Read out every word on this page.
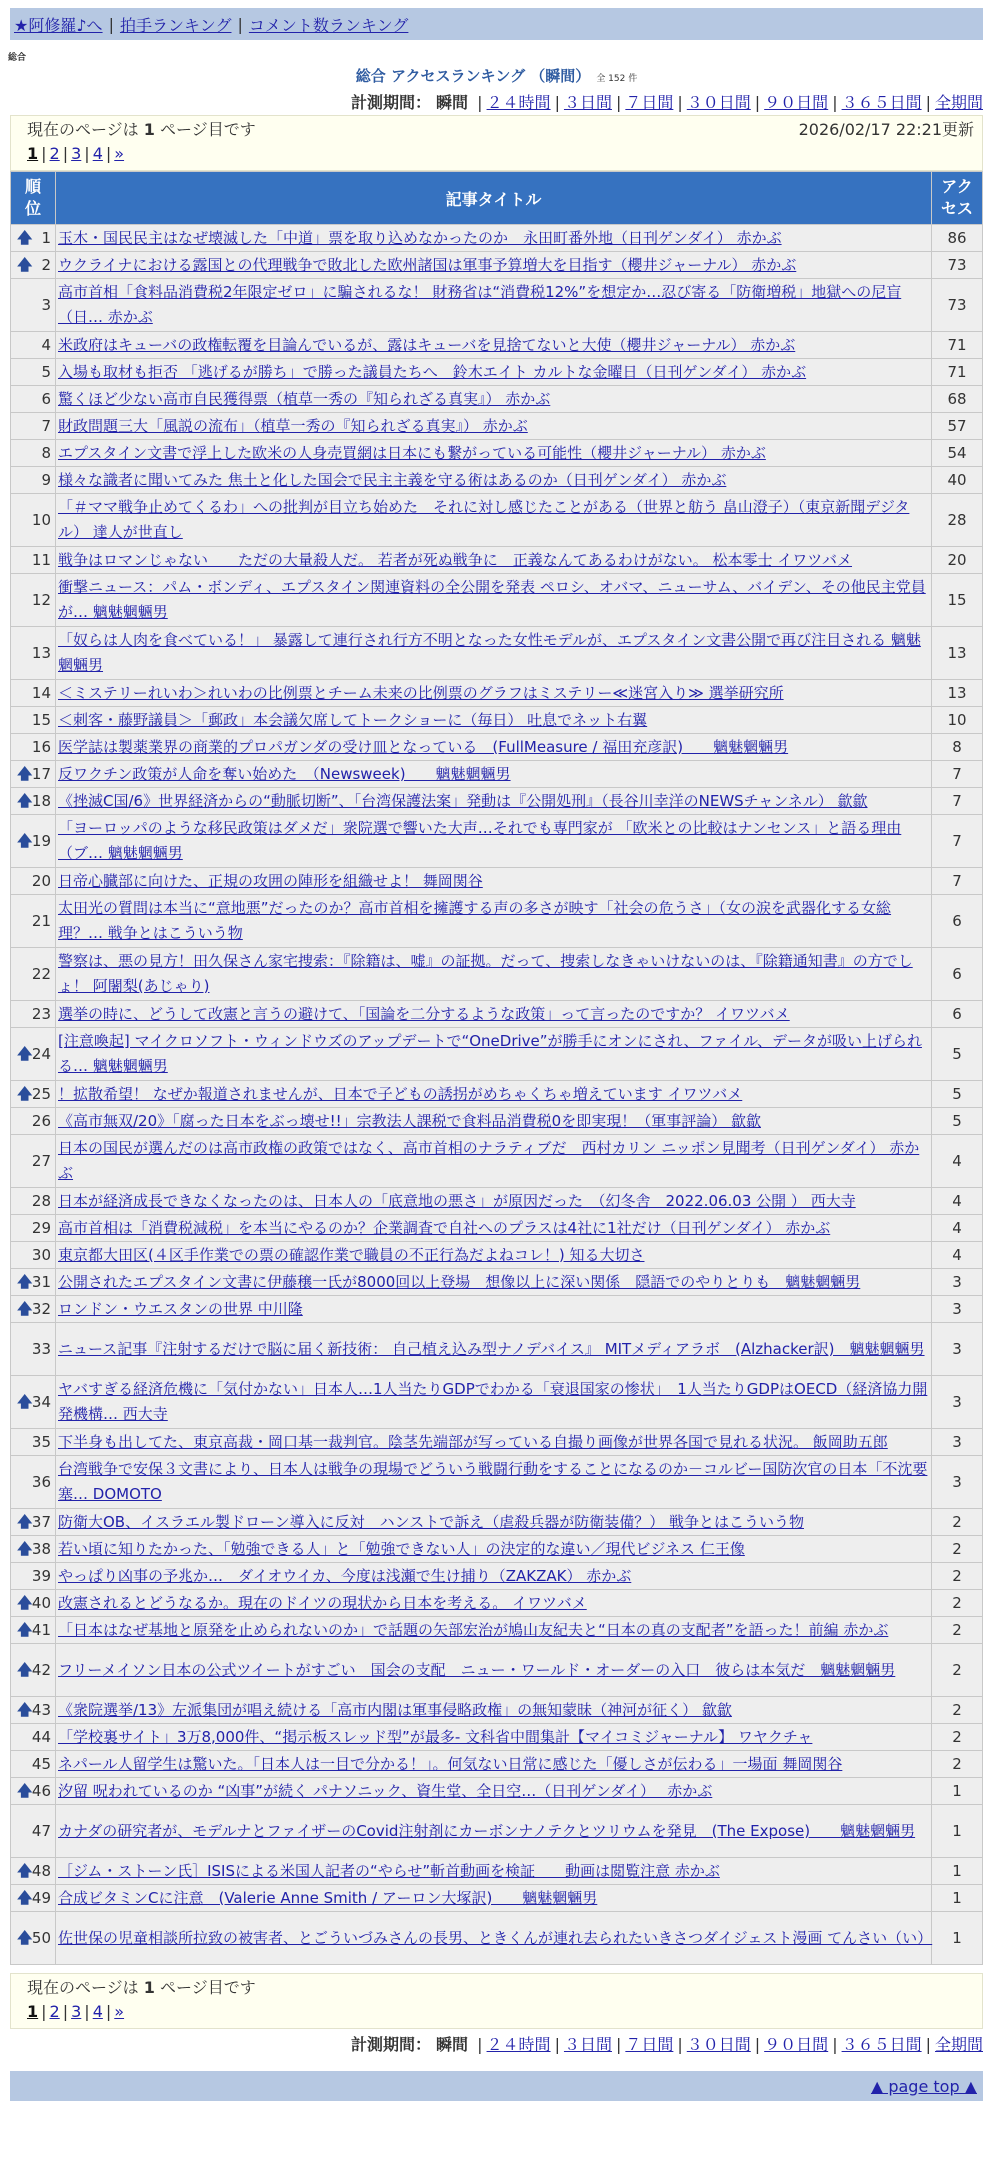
★阿修羅♪へ | 拍手ランキング | コメント数ランキング
総合
総合 アクセスランキング （瞬間） 全 152 件
計測期間： 瞬間 | ２４時間 | ３日間 | ７日間 | ３０日間 | ９０日間 | ３６５日間 | 全期間
現在のページは 1 ページ目です	2026/02/17 22:21更新
1 | 2 | 3 | 4 | »
順位	記事タイトル	アクセス

🡅 1	玉木・国民民主はなぜ壊滅した「中道」票を取り込めなかったのか　永田町番外地（日刊ゲンダイ） 赤かぶ	86

🡅 2	ウクライナにおける露国との代理戦争で敗北した欧州諸国は軍事予算増大を目指す（櫻井ジャーナル） 赤かぶ	73
3	高市首相「食料品消費税2年限定ゼロ」に騙されるな！ 財務省は“消費税12%”を想定か…忍び寄る「防衛増税」地獄への尼盲（日… 赤かぶ	73
4	米政府はキューバの政権転覆を目論んでいるが、露はキューバを見捨てないと大使（櫻井ジャーナル） 赤かぶ	71
5	入場も取材も拒否 「逃げるが勝ち」で勝った議員たちへ　鈴木エイト カルトな金曜日（日刊ゲンダイ） 赤かぶ	71
6	驚くほど少ない高市自民獲得票（植草一秀の『知られざる真実』） 赤かぶ	68
7	財政問題三大「風説の流布」（植草一秀の『知られざる真実』） 赤かぶ	57
8	エプスタイン文書で浮上した欧米の人身売買網は日本にも繋がっている可能性（櫻井ジャーナル） 赤かぶ	54
9	様々な識者に聞いてみた 焦土と化した国会で民主主義を守る術はあるのか（日刊ゲンダイ） 赤かぶ	40
10	「＃ママ戦争止めてくるわ」への批判が目立ち始めた　それに対し感じたことがある（世界と舫う 畠山澄子）（東京新聞デジタル） 達人が世直し	28
11	戦争はロマンじゃない　　ただの大量殺人だ。 若者が死ぬ戦争に　正義なんてあるわけがない。 松本零士 イワツバメ	20
12	衝撃ニュース：パム・ボンディ、エプスタイン関連資料の全公開を発表 ペロシ、オバマ、ニューサム、バイデン、その他民主党員が… 魑魅魍魎男	15
13	「奴らは人肉を食べている！」 暴露して連行され行方不明となった女性モデルが、エプスタイン文書公開で再び注目される 魑魅魍魎男	13
14	＜ミステリーれいわ＞れいわの比例票とチーム未来の比例票のグラフはミステリー≪迷宮入り≫ 選挙研究所	13
15	＜刺客・藤野議員＞「郵政」本会議欠席してトークショーに（毎日） 吐息でネット右翼	10
16	医学誌は製薬業界の商業的プロパガンダの受け皿となっている　(FullMeasure / 福田充彦訳)　　魑魅魍魎男	8

🡅 17	反ワクチン政策が人命を奪い始めた　（Newsweek)　　魑魅魍魎男	7

🡅 18	《挫滅C国/6》世界経済からの“動脈切断”、「台湾保護法案」発動は『公開処刑』（長谷川幸洋のNEWSチャンネル） 歙歙	7

🡅 19	「ヨーロッパのような移民政策はダメだ」衆院選で響いた大声…それでも専門家が 「欧米との比較はナンセンス」と語る理由（ブ… 魑魅魍魎男	7
20	日帝心臓部に向けた、正規の攻囲の陣形を組織せよ！ 舞岡関谷	7
21	太田光の質問は本当に“意地悪”だったのか？高市首相を擁護する声の多さが映す「社会の危うさ」（女の涙を武器化する女総理？… 戦争とはこういう物	6
22	警察は、悪の見方！田久保さん家宅捜索：『除籍は、嘘』の証拠。だって、捜索しなきゃいけないのは、『除籍通知書』の方でしょ！ 阿闍梨(あじゃり)	6
23	選挙の時に、どうして改憲と言うの避けて、「国論を二分するような政策」って言ったのですか？ イワツバメ	6

🡅 24	[注意喚起] マイクロソフト・ウィンドウズのアップデートで“OneDrive”が勝手にオンにされ、ファイル、データが吸い上げられる… 魑魅魍魎男	5

🡅 25	！拡散希望！ なぜか報道されませんが、日本で子どもの誘拐がめちゃくちゃ増えています イワツバメ	5
26	《高市無双/20》「腐った日本をぶっ壊せ!!」宗教法人課税で食料品消費税0を即実現！（軍事評論） 歙歙	5
27	日本の国民が選んだのは高市政権の政策ではなく、高市首相のナラティブだ　西村カリン ニッポン見聞考（日刊ゲンダイ） 赤かぶ	4
28	日本が経済成長できなくなったのは、日本人の「底意地の悪さ」が原因だった　（幻冬舎　2022.06.03 公開 ） 西大寺	4
29	高市首相は「消費税減税」を本当にやるのか？企業調査で自社へのプラスは4社に1社だけ（日刊ゲンダイ） 赤かぶ	4
30	東京都大田区(４区手作業での票の確認作業で職員の不正行為だよねコレ！) 知る大切さ	4

🡅 31	公開されたエプスタイン文書に伊藤穣一氏が8000回以上登場　想像以上に深い関係　隠語でのやりとりも　魑魅魍魎男	3

🡅 32	ロンドン・ウエスタンの世界 中川隆	3
33	ニュース記事『注射するだけで脳に届く新技術： 自己植え込み型ナノデバイス』 MITメディアラボ　(Alzhacker訳)　魑魅魍魎男	3

🡅 34	ヤバすぎる経済危機に「気付かない」日本人…1人当たりGDPでわかる「衰退国家の惨状」　1人当たりGDPはOECD（経済協力開発機構… 西大寺	3
35	下半身も出してた、東京高裁・岡口基一裁判官。陰茎先端部が写っている自撮り画像が世界各国で見れる状況。 飯岡助五郎	3
36	台湾戦争で安保３文書により、日本人は戦争の現場でどういう戦闘行動をすることになるのか－コルビー国防次官の日本「不沈要塞… DOMOTO	3

🡅 37	防衛大OB、イスラエル製ドローン導入に反対　ハンストで訴え（虐殺兵器が防衛装備？） 戦争とはこういう物	2

🡅 38	若い頃に知りたかった、「勉強できる人」と「勉強できない人」の決定的な違い／現代ビジネス 仁王像	2
39	やっぱり凶事の予兆か…　ダイオウイカ、今度は浅瀬で生け捕り（ZAKZAK） 赤かぶ	2

🡅 40	改憲されるとどうなるか。現在のドイツの現状から日本を考える。 イワツバメ	2

🡅 41	「日本はなぜ基地と原発を止められないのか」で話題の矢部宏治が鳩山友紀夫と“日本の真の支配者”を語った！前編 赤かぶ	2

🡅 42	フリーメイソン日本の公式ツイートがすごい　国会の支配　ニュー・ワールド・オーダーの入口　彼らは本気だ　魑魅魍魎男	2

🡅 43	《衆院選挙/13》左派集団が唱え続ける「高市内閣は軍事侵略政権」の無知蒙昧（神河が征く） 歙歙	2
44	「学校裏サイト」3万8,000件、“掲示板スレッド型”が最多- 文科省中間集計【マイコミジャーナル】 ワヤクチャ	2
45	ネパール人留学生は驚いた。「日本人は一目で分かる！」。何気ない日常に感じた「優しさが伝わる」一場面 舞岡関谷	2

🡅 46	汐留 呪われているのか “凶事”が続く パナソニック、資生堂、全日空…（日刊ゲンダイ）　 赤かぶ	1
47	カナダの研究者が、モデルナとファイザーのCovid注射剤にカーボンナノテクとツリウムを発見　(The Expose)　　魑魅魍魎男	1

🡅 48	［ジム・ストーン氏］ISISによる米国人記者の“やらせ”斬首動画を検証　　動画は閲覧注意 赤かぶ	1

🡅 49	合成ビタミンCに注意　(Valerie Anne Smith / アーロン大塚訳)　　魑魅魍魎男	1

🡅 50	佐世保の児童相談所拉致の被害者、とごういづみさんの長男、ときくんが連れ去られたいきさつダイジェスト漫画 てんさい（い）	1
現在のページは 1 ページ目です
1 | 2 | 3 | 4 | »
計測期間： 瞬間 | ２４時間 | ３日間 | ７日間 | ３０日間 | ９０日間 | ３６５日間 | 全期間
▲ page top ▲
